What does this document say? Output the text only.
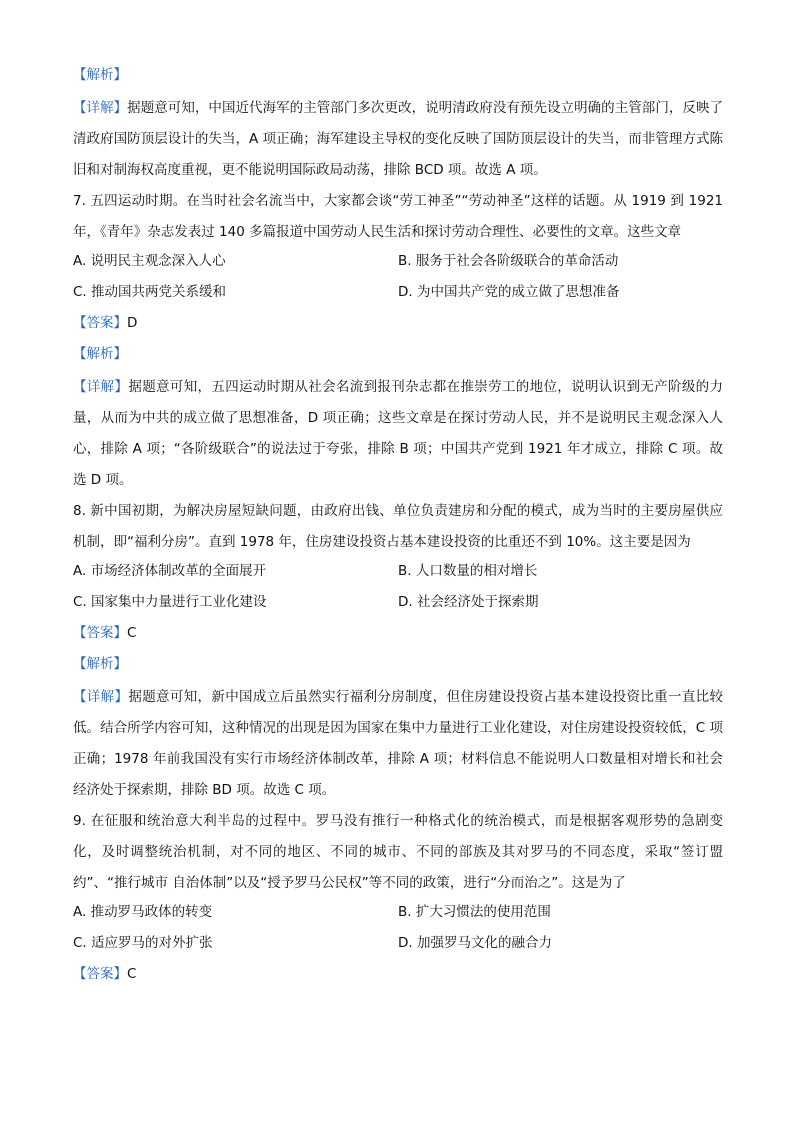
【解析】

【详解】据题意可知，中国近代海军的主管部门多次更改，说明清政府没有预先设立明确的主管部门，反映了清政府国防顶层设计的失当，A 项正确；海军建设主导权的变化反映了国防顶层设计的失当，而非管理方式陈旧和对制海权高度重视，更不能说明国际政局动荡，排除 BCD 项。故选 A 项。

7. 五四运动时期。在当时社会名流当中，大家都会谈“劳工神圣”“劳动神圣”这样的话题。从 1919 到 1921 年，《青年》杂志发表过 140 多篇报道中国劳动人民生活和探讨劳动合理性、必要性的文章。这些文章

A. 说明民主观念深入人心	B. 服务于社会各阶级联合的革命活动
C. 推动国共两党关系缓和	D. 为中国共产党的成立做了思想准备
【答案】D
【解析】

【详解】据题意可知，五四运动时期从社会名流到报刊杂志都在推崇劳工的地位，说明认识到无产阶级的力量，从而为中共的成立做了思想准备，D 项正确；这些文章是在探讨劳动人民，并不是说明民主观念深入人心，排除 A 项；“各阶级联合”的说法过于夸张，排除 B 项；中国共产党到 1921 年才成立，排除 C 项。故选 D 项。

8. 新中国初期，为解决房屋短缺问题，由政府出钱、单位负责建房和分配的模式，成为当时的主要房屋供应机制，即“福利分房”。直到 1978 年，住房建设投资占基本建设投资的比重还不到 10%。这主要是因为

A. 市场经济体制改革的全面展开	B. 人口数量的相对增长
C. 国家集中力量进行工业化建设	D. 社会经济处于探索期
【答案】C
【解析】

【详解】据题意可知，新中国成立后虽然实行福利分房制度，但住房建设投资占基本建设投资比重一直比较低。结合所学内容可知，这种情况的出现是因为国家在集中力量进行工业化建设，对住房建设投资较低，C 项正确；1978 年前我国没有实行市场经济体制改革，排除 A 项；材料信息不能说明人口数量相对增长和社会经济处于探索期，排除 BD 项。故选 C 项。

9. 在征服和统治意大利半岛的过程中。罗马没有推行一种格式化的统治模式，而是根据客观形势的急剧变化，及时调整统治机制，对不同的地区、不同的城市、不同的部族及其对罗马的不同态度，采取“签订盟约”、“推行城市 自治体制”以及“授予罗马公民权”等不同的政策，进行“分而治之”。这是为了

A. 推动罗马政体的转变	B. 扩大习惯法的使用范围
C. 适应罗马的对外扩张	D. 加强罗马文化的融合力
【答案】C
